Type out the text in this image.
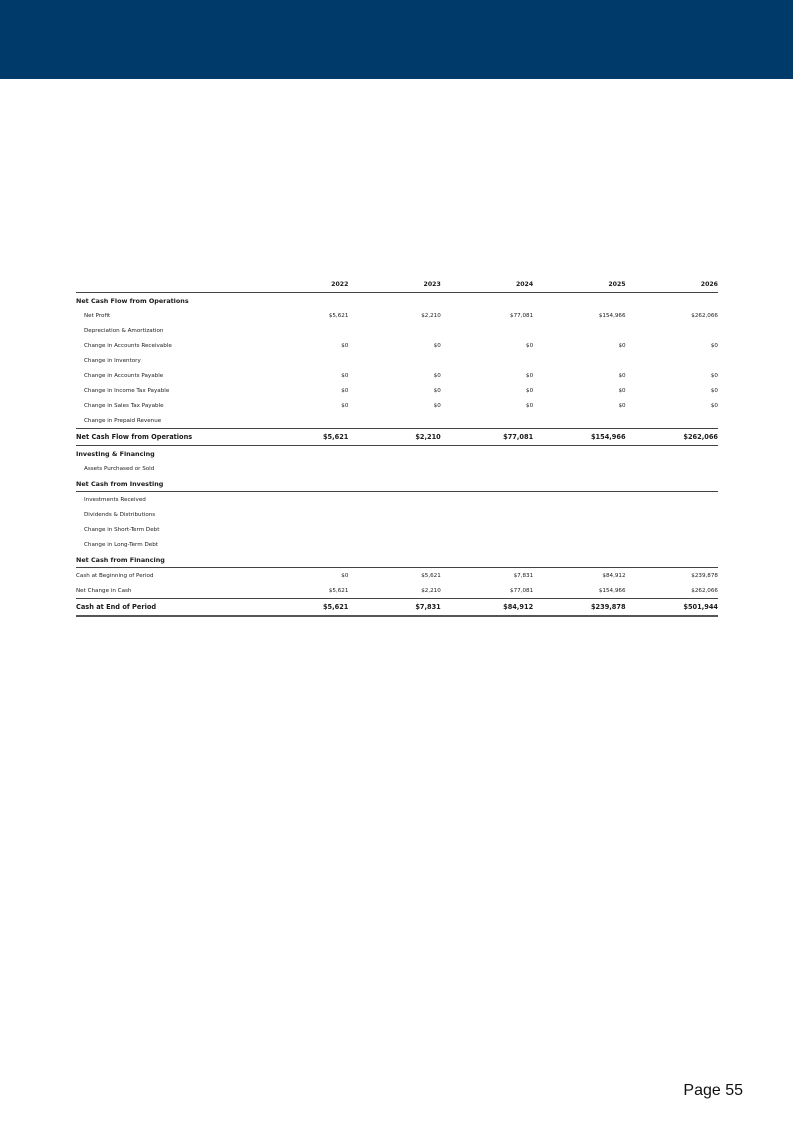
	2022	2023	2024	2025	2026
Net Cash Flow from Operations					
Net Profit	$5,621	$2,210	$77,081	$154,966	$262,066
Depreciation & Amortization					
Change in Accounts Receivable	$0	$0	$0	$0	$0
Change in Inventory					
Change in Accounts Payable	$0	$0	$0	$0	$0
Change in Income Tax Payable	$0	$0	$0	$0	$0
Change in Sales Tax Payable	$0	$0	$0	$0	$0
Change in Prepaid Revenue					
Net Cash Flow from Operations	$5,621	$2,210	$77,081	$154,966	$262,066
Investing & Financing					
Assets Purchased or Sold					
Net Cash from Investing					
Investments Received					
Dividends & Distributions					
Change in Short-Term Debt					
Change in Long-Term Debt					
Net Cash from Financing					
Cash at Beginning of Period	$0	$5,621	$7,831	$84,912	$239,878
Net Change in Cash	$5,621	$2,210	$77,081	$154,966	$262,066
Cash at End of Period	$5,621	$7,831	$84,912	$239,878	$501,944
Page 55
